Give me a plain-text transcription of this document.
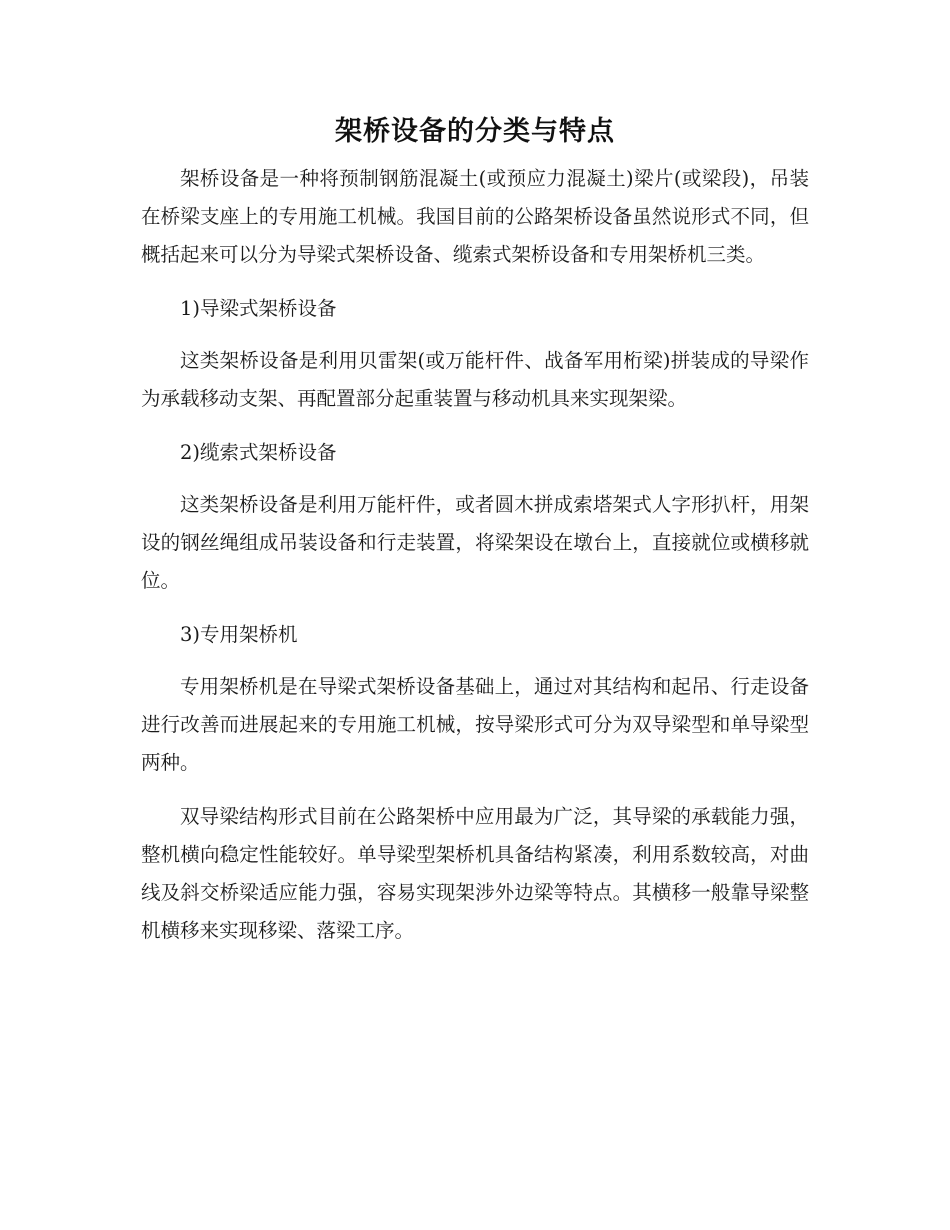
架桥设备的分类与特点

架桥设备是一种将预制钢筋混凝土(或预应力混凝土)梁片(或梁段)，吊装在桥梁支座上的专用施工机械。我国目前的公路架桥设备虽然说形式不同，但概括起来可以分为导梁式架桥设备、缆索式架桥设备和专用架桥机三类。

1)导梁式架桥设备

这类架桥设备是利用贝雷架(或万能杆件、战备军用桁梁)拼装成的导梁作为承载移动支架、再配置部分起重装置与移动机具来实现架梁。

2)缆索式架桥设备

这类架桥设备是利用万能杆件，或者圆木拼成索塔架式人字形扒杆，用架设的钢丝绳组成吊装设备和行走装置，将梁架设在墩台上，直接就位或横移就位。

3)专用架桥机

专用架桥机是在导梁式架桥设备基础上，通过对其结构和起吊、行走设备进行改善而进展起来的专用施工机械，按导梁形式可分为双导梁型和单导梁型两种。

双导梁结构形式目前在公路架桥中应用最为广泛，其导梁的承载能力强，整机横向稳定性能较好。单导梁型架桥机具备结构紧凑，利用系数较高，对曲线及斜交桥梁适应能力强，容易实现架涉外边梁等特点。其横移一般靠导梁整机横移来实现移梁、落梁工序。
